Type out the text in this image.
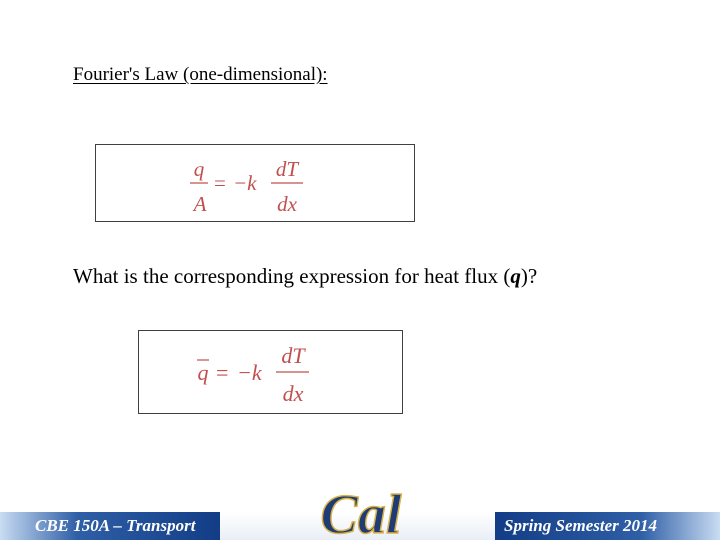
Fourier's Law (one-dimensional):
q
A
= −k
dT
dx
What is the corresponding expression for heat flux (q)?
q = −k
dT
dx
CBE 150A – Transport	Spring Semester 2014
Cal
